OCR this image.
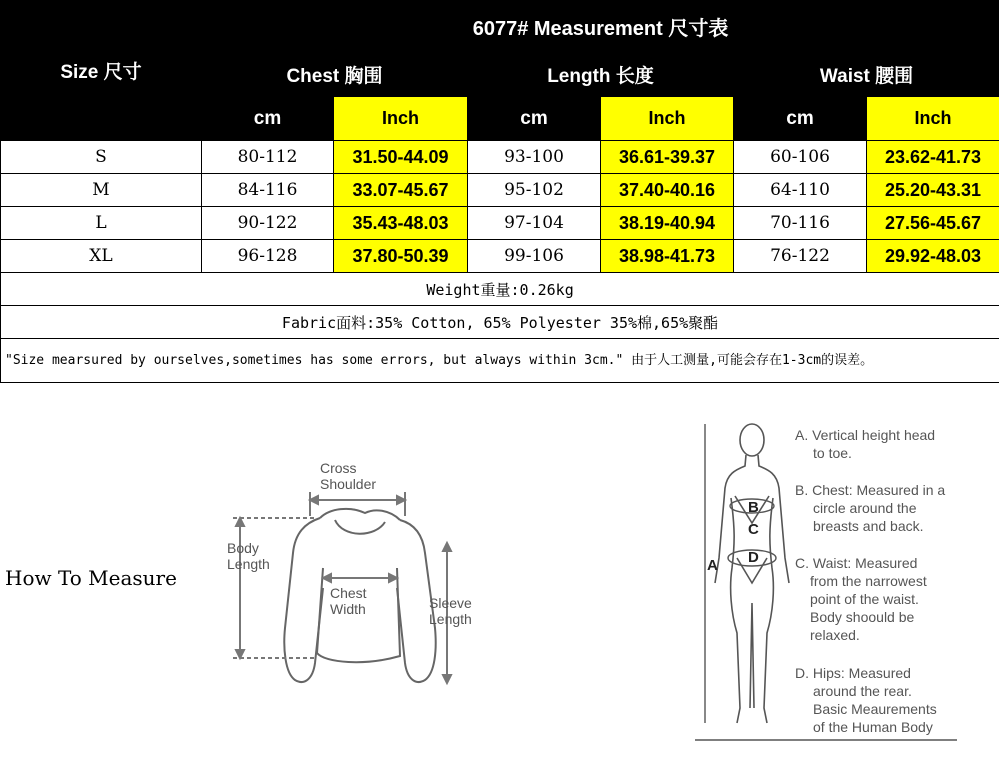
Size 尺寸	6077# Measurement 尺寸表					
	Chest 胸围		Length 长度		Waist 腰围	
	cm	Inch	cm	Inch	cm	Inch
S	80-112	31.50-44.09	93-100	36.61-39.37	60-106	23.62-41.73
M	84-116	33.07-45.67	95-102	37.40-40.16	64-110	25.20-43.31
L	90-122	35.43-48.03	97-104	38.19-40.94	70-116	27.56-45.67
XL	96-128	37.80-50.39	99-106	38.98-41.73	76-122	29.92-48.03
Weight重量:0.26kg						
Fabric面料:35% Cotton, 65% Polyester 35%棉,65%聚酯						
"Size mearsured by ourselves,sometimes has some errors, but always within 3cm." 由于人工测量,可能会存在1-3cm的误差。						
How To Measure
Cross
Shoulder
Body
Length
Chest
Width	Sleeve
Length
B
C
D
A
A. Vertical height head
to toe.
B. Chest: Measured in a
circle around the
breasts and back.
C. Waist: Measured
from the narrowest
point of the waist.
Body shoould be
relaxed.
D. Hips: Measured
around the rear.
Basic Meaurements
of the Human Body
